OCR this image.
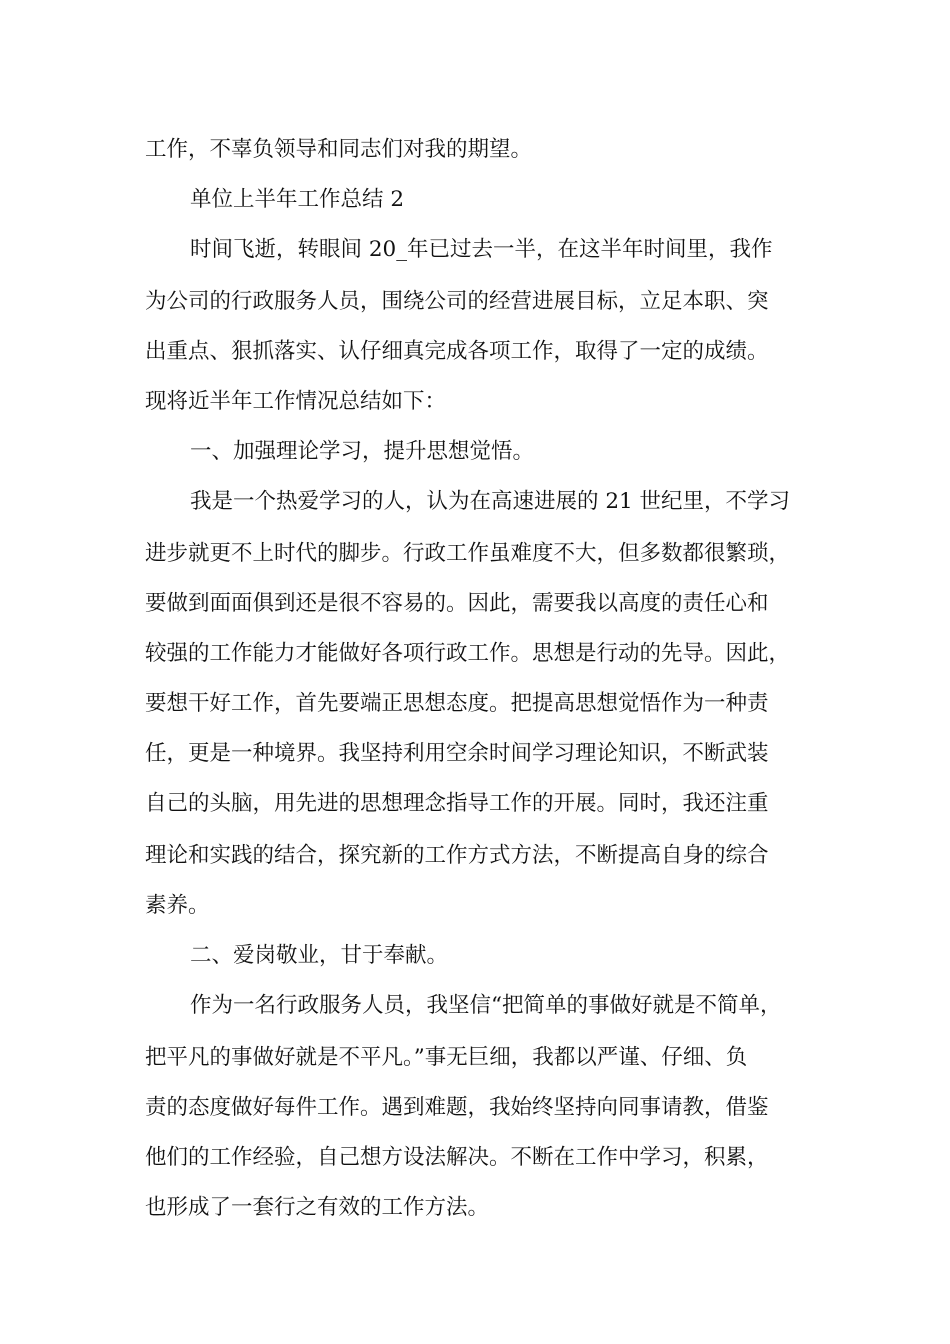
工作，不辜负领导和同志们对我的期望。
单位上半年工作总结 2
时间飞逝，转眼间 20_年已过去一半，在这半年时间里，我作
为公司的行政服务人员，围绕公司的经营进展目标，立足本职、突
出重点、狠抓落实、认仔细真完成各项工作，取得了一定的成绩。
现将近半年工作情况总结如下：
一、加强理论学习，提升思想觉悟。
我是一个热爱学习的人，认为在高速进展的 21 世纪里，不学习
进步就更不上时代的脚步。行政工作虽难度不大，但多数都很繁琐，
要做到面面俱到还是很不容易的。因此，需要我以高度的责任心和
较强的工作能力才能做好各项行政工作。思想是行动的先导。因此，
要想干好工作，首先要端正思想态度。把提高思想觉悟作为一种责
任，更是一种境界。我坚持利用空余时间学习理论知识，不断武装
自己的头脑，用先进的思想理念指导工作的开展。同时，我还注重
理论和实践的结合，探究新的工作方式方法，不断提高自身的综合
素养。
二、爱岗敬业，甘于奉献。
作为一名行政服务人员，我坚信“把简单的事做好就是不简单，
把平凡的事做好就是不平凡。”事无巨细，我都以严谨、仔细、负
责的态度做好每件工作。遇到难题，我始终坚持向同事请教，借鉴
他们的工作经验，自己想方设法解决。不断在工作中学习，积累，
也形成了一套行之有效的工作方法。
